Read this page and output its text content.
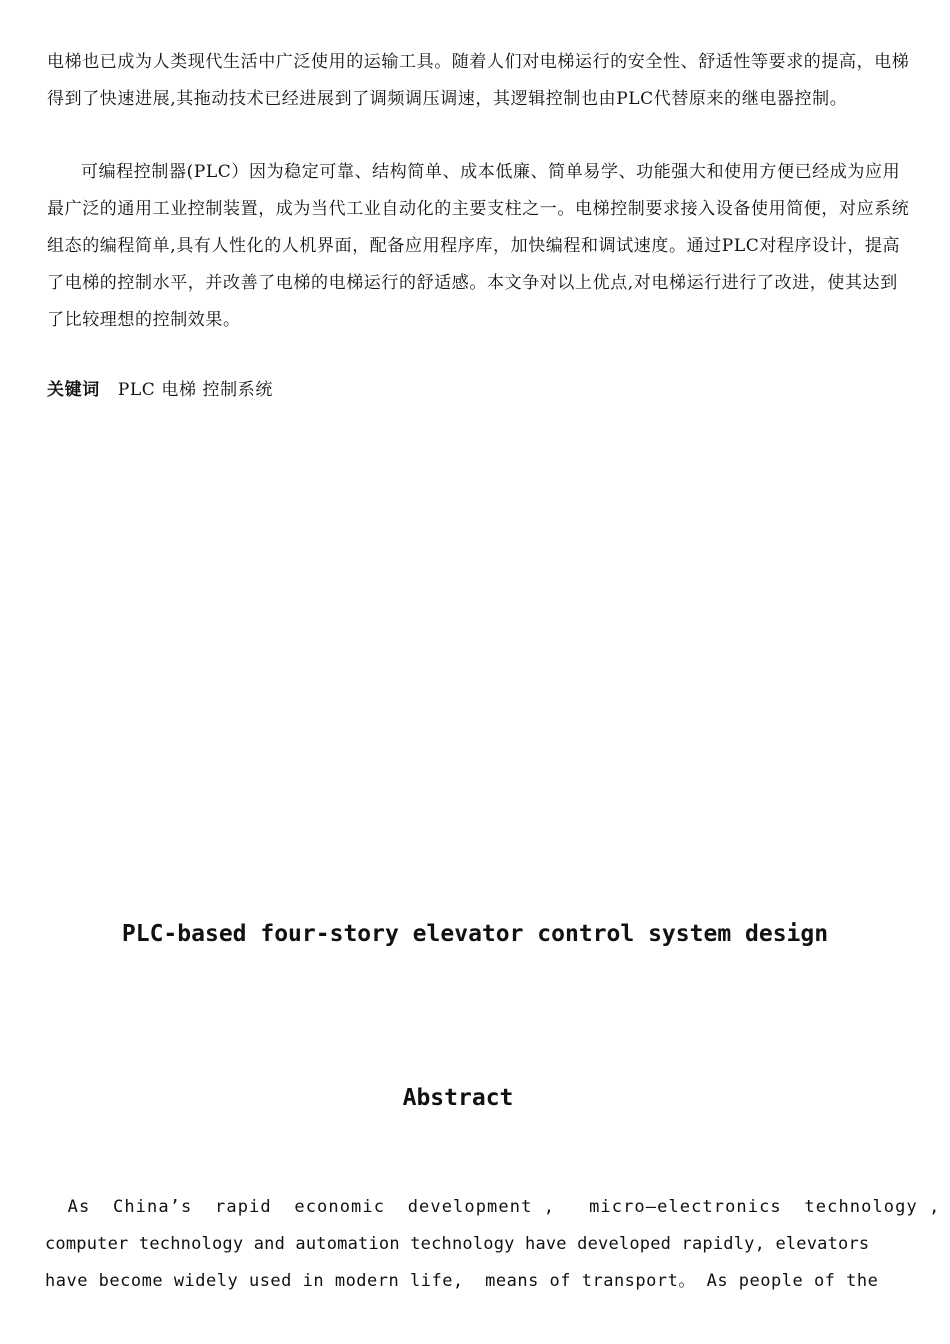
电梯也已成为人类现代生活中广泛使用的运输工具。随着人们对电梯运行的安全性、舒适性等要求的提高，电梯得到了快速进展,其拖动技术已经进展到了调频调压调速，其逻辑控制也由PLC代替原来的继电器控制。

可编程控制器(PLC）因为稳定可靠、结构简单、成本低廉、简单易学、功能强大和使用方便已经成为应用最广泛的通用工业控制装置，成为当代工业自动化的主要支柱之一。电梯控制要求接入设备使用简便，对应系统组态的编程简单,具有人性化的人机界面，配备应用程序库，加快编程和调试速度。通过PLC对程序设计，提高了电梯的控制水平，并改善了电梯的电梯运行的舒适感。本文争对以上优点,对电梯运行进行了改进，使其达到了比较理想的控制效果。

关键词 PLC 电梯 控制系统
PLC-based four-story elevator control system design
Abstract

As  China’s  rapid  economic  development ,   micro—electronics  technology ,

computer technology and automation technology have developed rapidly, elevators

have become widely used in modern life,  means of transport。 As people of the
